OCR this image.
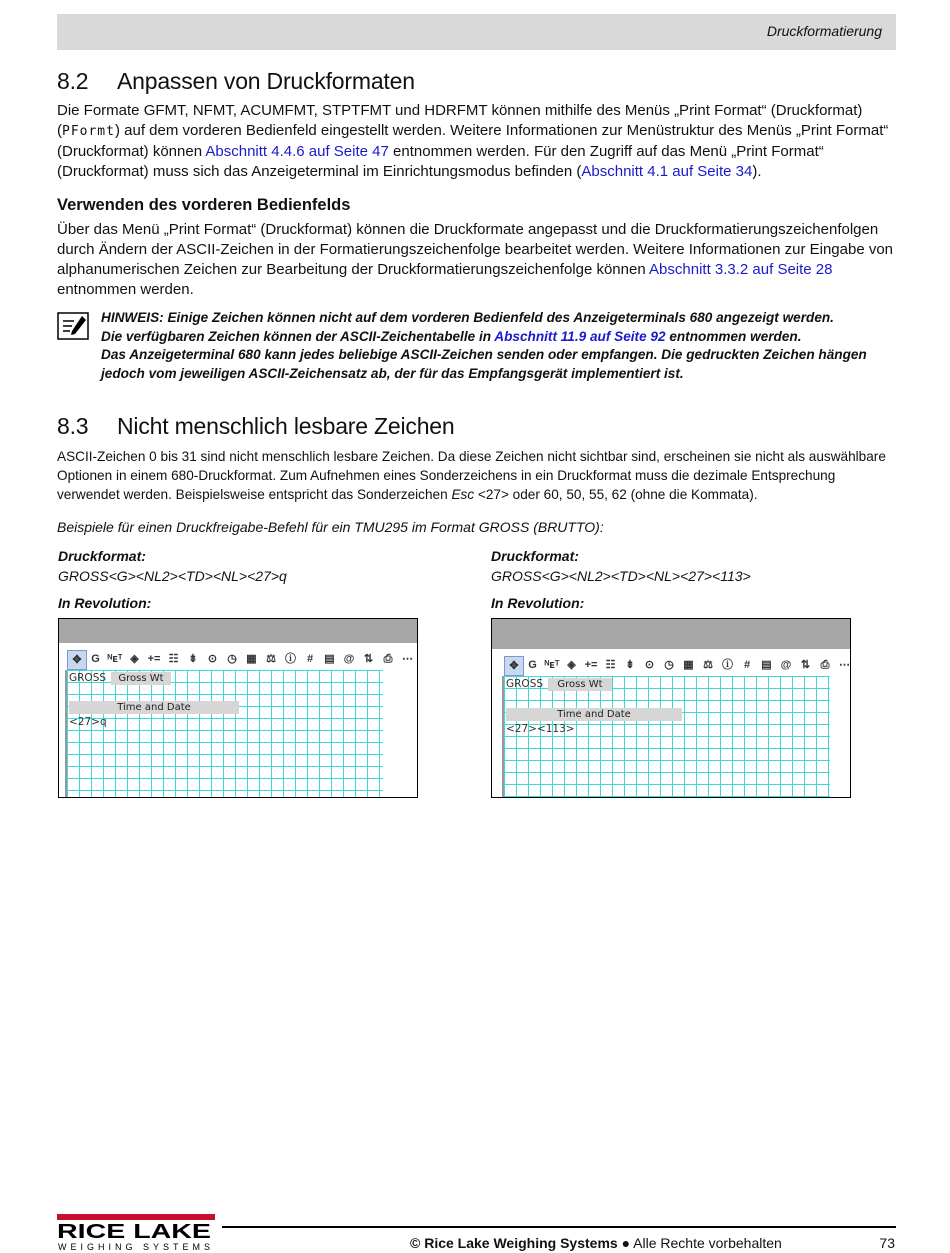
Druckformatierung
8.2 Anpassen von Druckformaten

Die Formate GFMT, NFMT, ACUMFMT, STPTFMT und HDRFMT können mithilfe des Menüs „Print Format“ (Druckformat) (PFormt) auf dem vorderen Bedienfeld eingestellt werden. Weitere Informationen zur Menüstruktur des Menüs „Print Format“ (Druckformat) können Abschnitt 4.4.6 auf Seite 47 entnommen werden. Für den Zugriff auf das Menü „Print Format“ (Druckformat) muss sich das Anzeigeterminal im Einrichtungsmodus befinden (Abschnitt 4.1 auf Seite 34).

Verwenden des vorderen Bedienfelds

Über das Menü „Print Format“ (Druckformat) können die Druckformate angepasst und die Druckformatierungszeichenfolgen durch Ändern der ASCII-Zeichen in der Formatierungszeichenfolge bearbeitet werden. Weitere Informationen zur Eingabe von alphanumerischen Zeichen zur Bearbeitung der Druckformatierungszeichenfolge können Abschnitt 3.3.2 auf Seite 28 entnommen werden.

HINWEIS: Einige Zeichen können nicht auf dem vorderen Bedienfeld des Anzeigeterminals 680 angezeigt werden.
Die verfügbaren Zeichen können der ASCII-Zeichentabelle in Abschnitt 11.9 auf Seite 92 entnommen werden.
Das Anzeigeterminal 680 kann jedes beliebige ASCII-Zeichen senden oder empfangen. Die gedruckten Zeichen hängen jedoch vom jeweiligen ASCII-Zeichensatz ab, der für das Empfangsgerät implementiert ist.
8.3 Nicht menschlich lesbare Zeichen

ASCII-Zeichen 0 bis 31 sind nicht menschlich lesbare Zeichen. Da diese Zeichen nicht sichtbar sind, erscheinen sie nicht als auswählbare Optionen in einem 680-Druckformat. Zum Aufnehmen eines Sonderzeichens in ein Druckformat muss die dezimale Entsprechung verwendet werden. Beispielsweise entspricht das Sonderzeichen Esc <27> oder 60, 50, 55, 62 (ohne die Kommata).

Beispiele für einen Druckfreigabe-Befehl für ein TMU295 im Format GROSS (BRUTTO):
Druckformat:
GROSS<G><NL2><TD><NL><27>q
In Revolution:
✥ G ᴺᴇᵀ ◈ += ☷ ⇟ ⊙ ◷ ▦ ⚖ ⓘ #	▤ @ ⇅ ⎙ ⋯
GROSS	Gross Wt
Time and Date
<27>q
Druckformat:
GROSS<G><NL2><TD><NL><27><113>
In Revolution:
✥ G ᴺᴇᵀ ◈ += ☷ ⇟ ⊙ ◷ ▦ ⚖ ⓘ #	▤ @ ⇅ ⎙ ⋯
GROSS	Gross Wt
Time and Date
<27><113>
RICE LAKE
WEIGHING SYSTEMS	© Rice Lake Weighing Systems ● Alle Rechte vorbehalten	73
